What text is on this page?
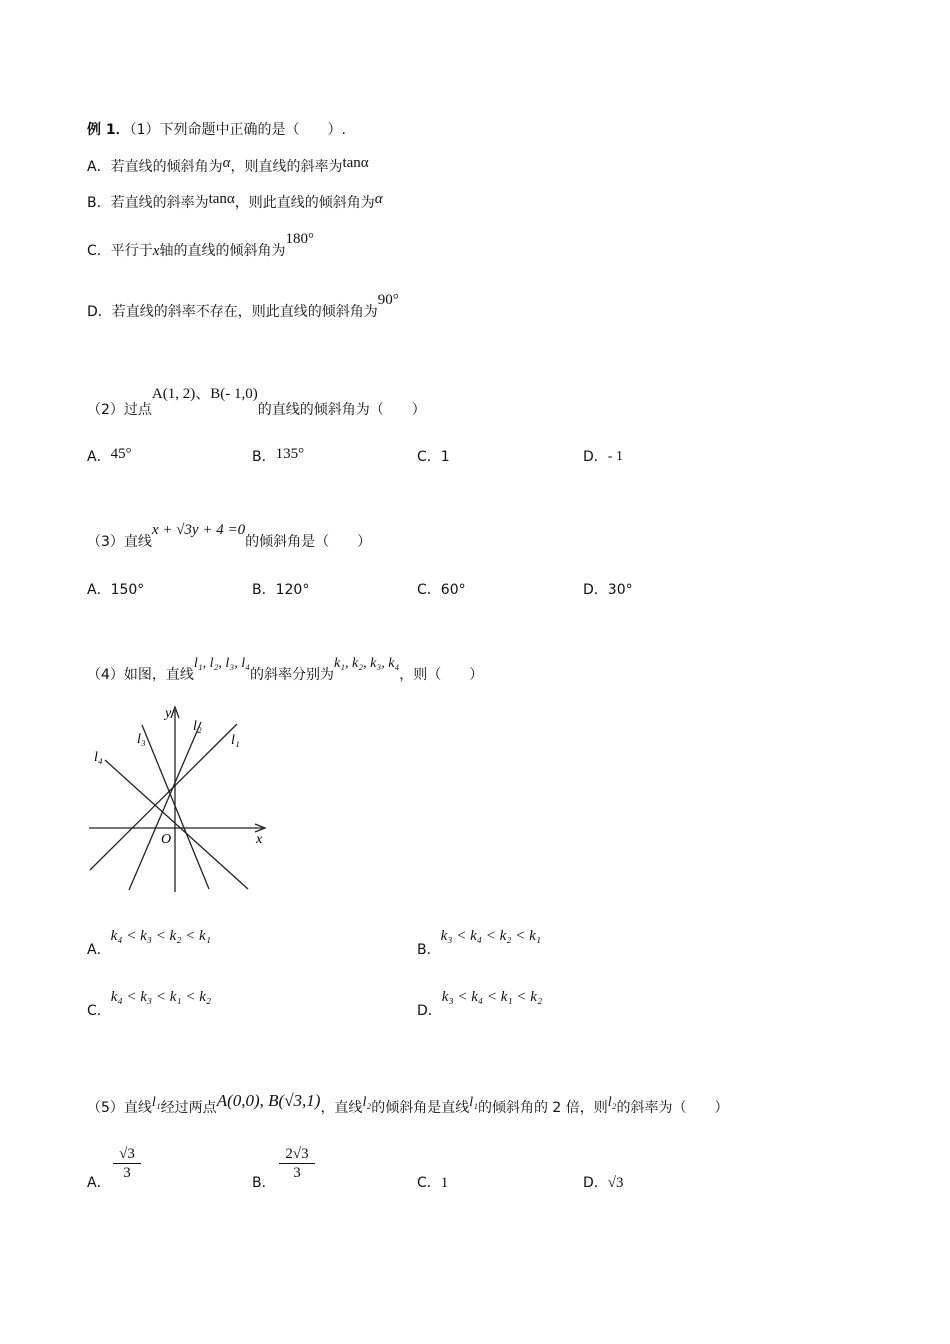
例 1．（1）下列命题中正确的是（　　）.
A．若直线的倾斜角为α，则直线的斜率为tanα
B．若直线的斜率为tanα，则此直线的倾斜角为α
C．平行于x轴的直线的倾斜角为180°
D．若直线的斜率不存在，则此直线的倾斜角为90°
（2）过点A(1, 2)、B(- 1,0)的直线的倾斜角为（　　）
A．45°	B．135°	C．1	D．- 1
（3）直线x + √3y + 4 =0的倾斜角是（　　）
A．150°	B．120°	C．60°	D．30°
（4）如图，直线l₁, l₂, l₃, l₄的斜率分别为k₁, k₂, k₃, k₄，则（　　）
y
x
O
l₁
l₂
l₃
l₄
A．k₄ < k₃ < k₂ < k₁
B．k₃ < k₄ < k₂ < k₁
C．k₄ < k₃ < k₁ < k₂
D．k₃ < k₄ < k₁ < k₂
（5）直线l₁经过两点A(0,0), B(√3,1)，直线l₂的倾斜角是直线l₁的倾斜角的 2 倍，则l₂的斜率为（　　）
A．
$\frac{√3}{3}$
B．
$\frac{2√3}{3}$
C．1	D．√3
